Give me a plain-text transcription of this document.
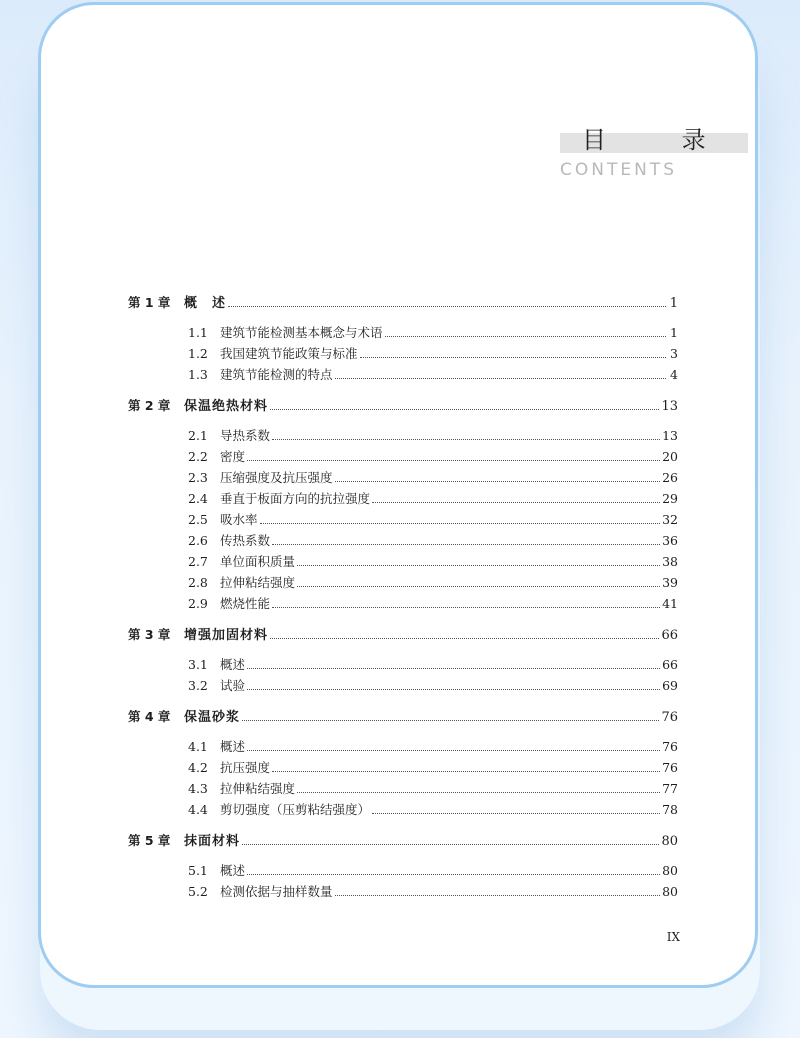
目 录
CONTENTS
第 1 章	概　述	1
1.1 建筑节能检测基本概念与术语	1
1.2 我国建筑节能政策与标准	3
1.3 建筑节能检测的特点	4
第 2 章	保温绝热材料	13
2.1 导热系数	13
2.2 密度	20
2.3 压缩强度及抗压强度	26
2.4 垂直于板面方向的抗拉强度	29
2.5 吸水率	32
2.6 传热系数	36
2.7 单位面积质量	38
2.8 拉伸粘结强度	39
2.9 燃烧性能	41
第 3 章	增强加固材料	66
3.1 概述	66
3.2 试验	69
第 4 章	保温砂浆	76
4.1 概述	76
4.2 抗压强度	76
4.3 拉伸粘结强度	77
4.4 剪切强度（压剪粘结强度）	78
第 5 章	抹面材料	80
5.1 概述	80
5.2 检测依据与抽样数量	80
IX
